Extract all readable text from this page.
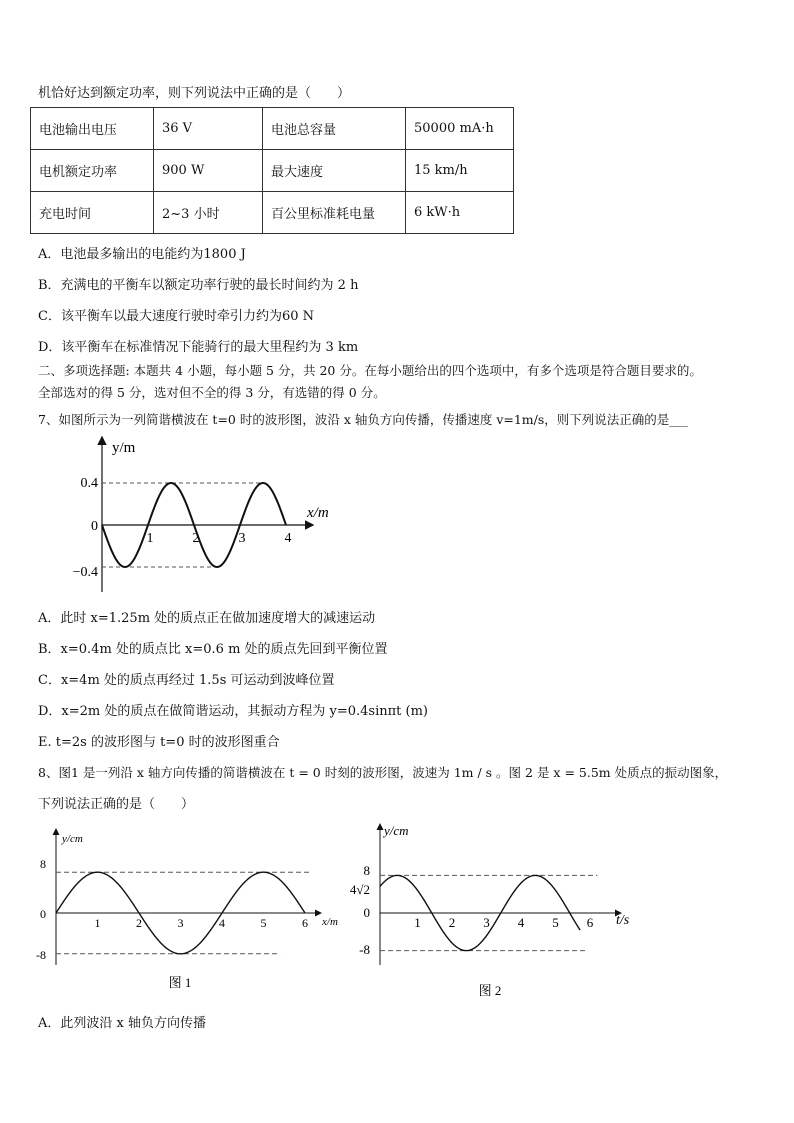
机恰好达到额定功率，则下列说法中正确的是（　　）
电池输出电压	36 V	电池总容量	50000 mA·h
电机额定功率	900 W	最大速度	15 km/h
充电时间	2~3 小时	百公里标准耗电量	6 kW·h
A．电池最多输出的电能约为1800 J
B．充满电的平衡车以额定功率行驶的最长时间约为 2 h
C．该平衡车以最大速度行驶时牵引力约为60 N
D．该平衡车在标准情况下能骑行的最大里程约为 3 km
二、多项选择题: 本题共 4 小题，每小题 5 分，共 20 分。在每小题给出的四个选项中，有多个选项是符合题目要求的。
全部选对的得 5 分，选对但不全的得 3 分，有选错的得 0 分。
7、如图所示为一列简谐横波在 t=0 时的波形图，波沿 x 轴负方向传播，传播速度 v=1m/s，则下列说法正确的是___
y/m
x/m
0.4
0
−0.4
1	2	3	4
A．此时 x=1.25m 处的质点正在做加速度增大的减速运动
B．x=0.4m 处的质点比 x=0.6 m 处的质点先回到平衡位置
C．x=4m 处的质点再经过 1.5s 可运动到波峰位置
D．x=2m 处的质点在做简谐运动，其振动方程为 y=0.4sinπt (m)
E. t=2s 的波形图与 t=0 时的波形图重合
8、图1 是一列沿 x 轴方向传播的简谐横波在 t = 0 时刻的波形图，波速为 1m / s 。图 2 是 x = 5.5m 处质点的振动图象，
下列说法正确的是（　　）
y/cm
x/m
8
0
-8
1	2	3	4	5	6
图 1
y/cm
t/s
8
4√2
0
-8
1 2 3 4 5 6
图 2
A．此列波沿 x 轴负方向传播
